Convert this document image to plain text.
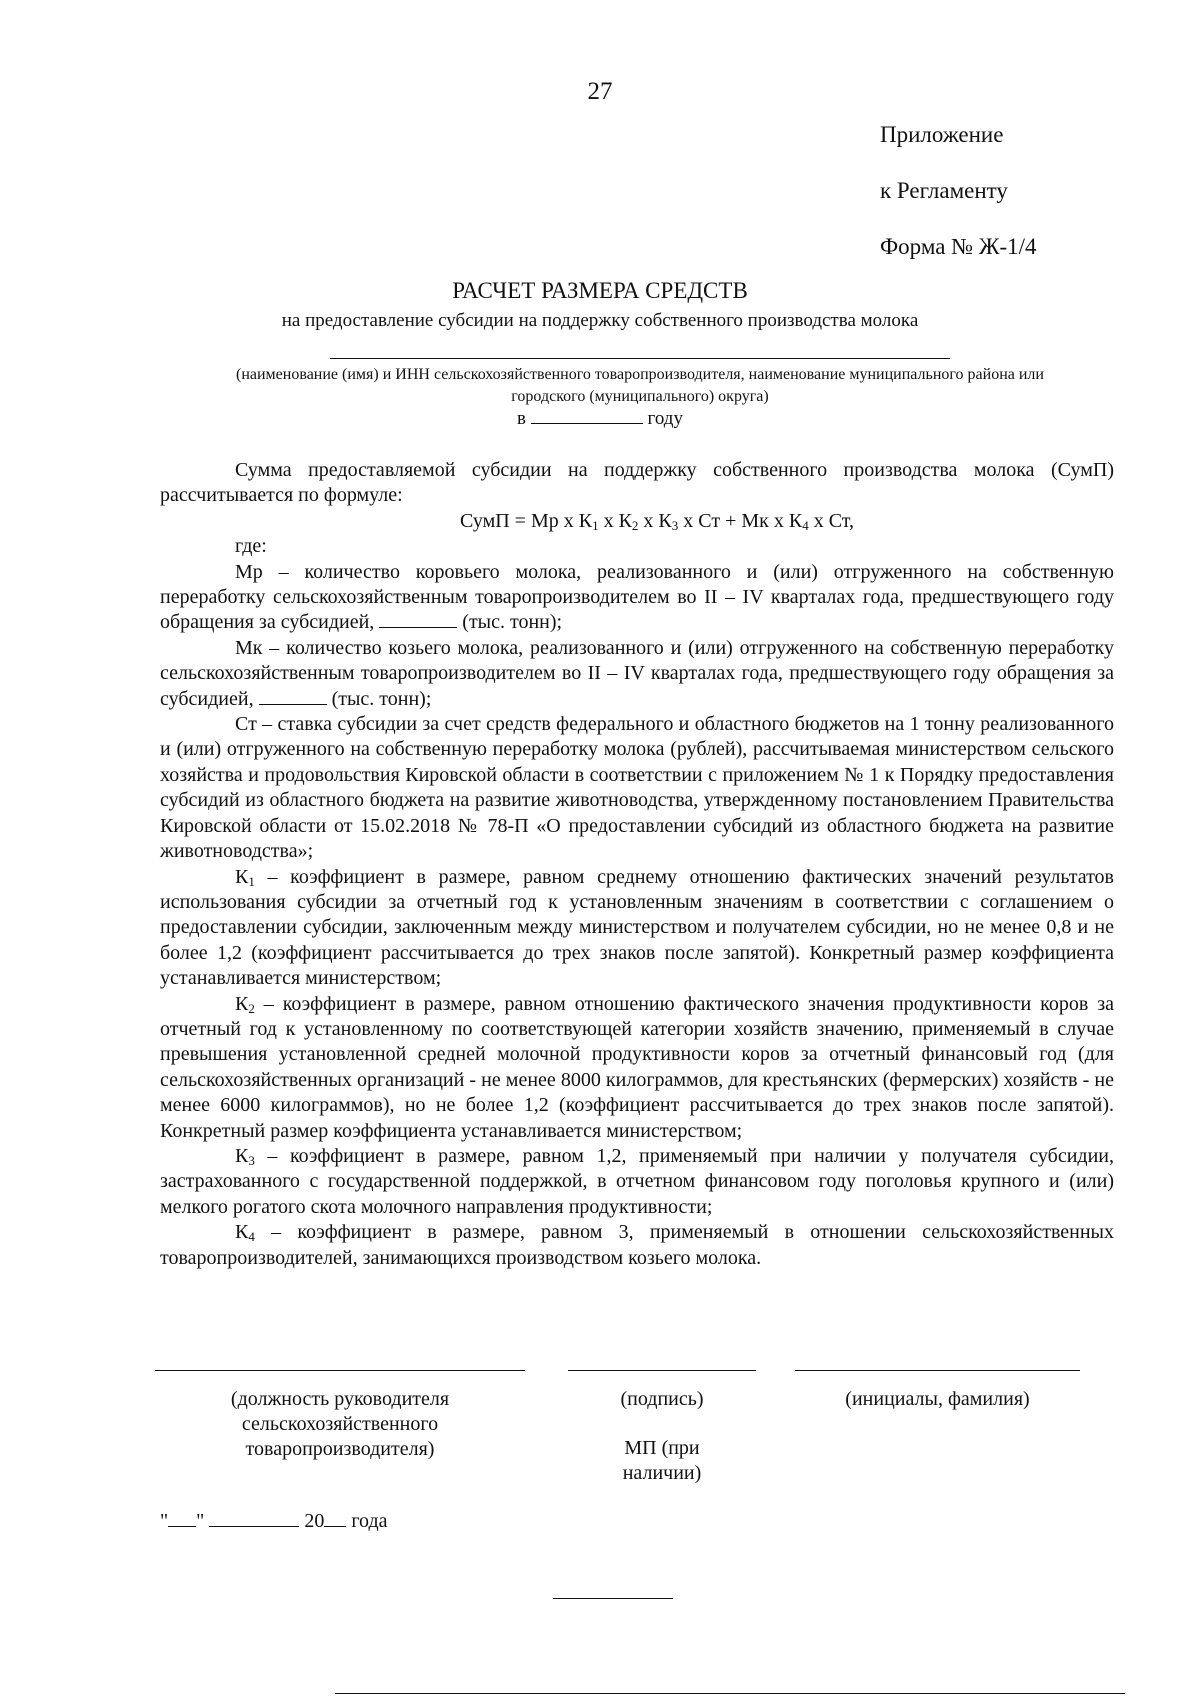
27
Приложение
к Регламенту
Форма № Ж-1/4
РАСЧЕТ РАЗМЕРА СРЕДСТВ
на предоставление субсидии на поддержку собственного производства молока
(наименование (имя) и ИНН сельскохозяйственного товаропроизводителя, наименование муниципального района или
городского (муниципального) округа)
в	году

Сумма предоставляемой субсидии на поддержку собственного производства молока (СумП) рассчитывается по формуле:

СумП = Мр х $К_1$ х $К_2$ х $К_3$ х Ст + Мк х $К_4$ х Ст,

где:

Мр – количество коровьего молока, реализованного и (или) отгруженного на собственную переработку сельскохозяйственным товаропроизводителем во II – IV кварталах года, предшествующего году обращения за субсидией,	(тыс. тонн);

Мк – количество козьего молока, реализованного и (или) отгруженного на собственную переработку сельскохозяйственным товаропроизводителем во II – IV кварталах года, предшествующего году обращения за субсидией,	(тыс. тонн);

Ст – ставка субсидии за счет средств федерального и областного бюджетов на 1 тонну реализованного и (или) отгруженного на собственную переработку молока (рублей), рассчитываемая министерством сельского хозяйства и продовольствия Кировской области в соответствии с приложением № 1 к Порядку предоставления субсидий из областного бюджета на развитие животноводства, утвержденному постановлением Правительства Кировской области от 15.02.2018 № 78-П «О предоставлении субсидий из областного бюджета на развитие животноводства»;

$К_1$ – коэффициент в размере, равном среднему отношению фактических значений результатов использования субсидии за отчетный год к установленным значениям в соответствии с соглашением о предоставлении субсидии, заключенным между министерством и получателем субсидии, но не менее 0,8 и не более 1,2 (коэффициент рассчитывается до трех знаков после запятой). Конкретный размер коэффициента устанавливается министерством;

$К_2$ – коэффициент в размере, равном отношению фактического значения продуктивности коров за отчетный год к установленному по соответствующей категории хозяйств значению, применяемый в случае превышения установленной средней молочной продуктивности коров за отчетный финансовый год (для сельскохозяйственных организаций - не менее 8000 килограммов, для крестьянских (фермерских) хозяйств - не менее 6000 килограммов), но не более 1,2 (коэффициент рассчитывается до трех знаков после запятой). Конкретный размер коэффициента устанавливается министерством;

$К_3$ – коэффициент в размере, равном 1,2, применяемый при наличии у получателя субсидии, застрахованного с государственной поддержкой, в отчетном финансовом году поголовья крупного и (или) мелкого рогатого скота молочного направления продуктивности;

$К_4$ – коэффициент в размере, равном 3, применяемый в отношении сельскохозяйственных товаропроизводителей, занимающихся производством козьего молока.

(должность руководителя
сельскохозяйственного
товаропроизводителя)
(подпись)
МП (при
наличии)
(инициалы, фамилия)
" "	20 года
